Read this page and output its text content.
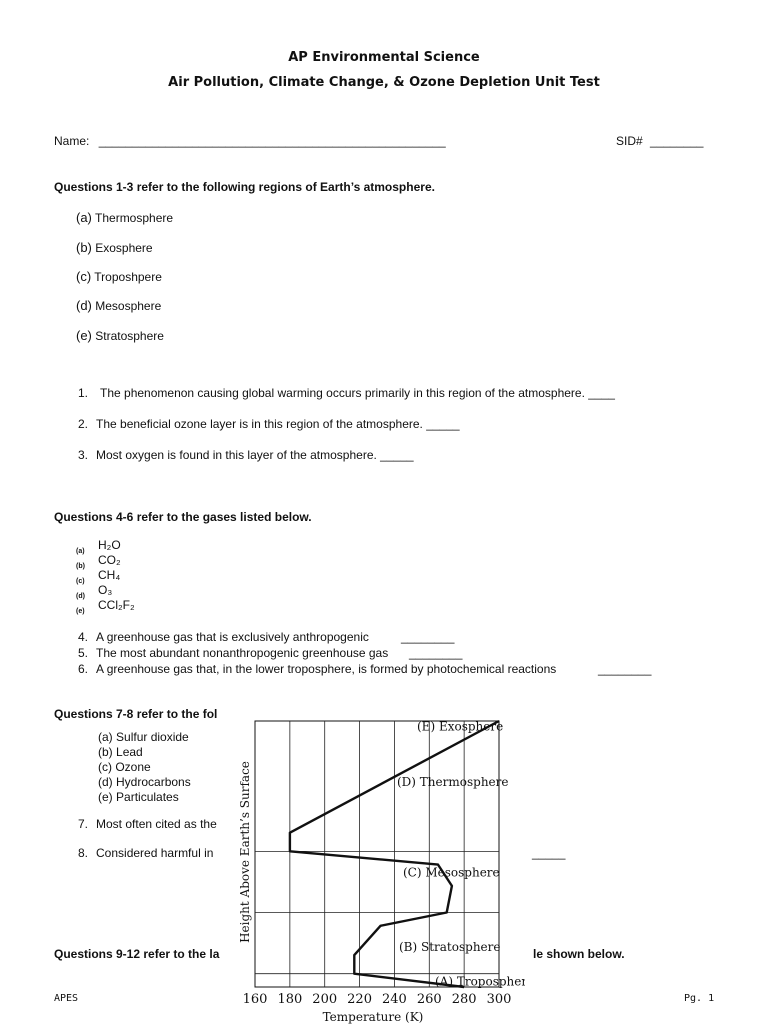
AP Environmental Science
Air Pollution, Climate Change, & Ozone Depletion Unit Test
Name: ____________________________________________________	SID# ________
Questions 1-3 refer to the following regions of Earth’s atmosphere.
(a) Thermosphere
(b) Exosphere
(c) Troposhpere
(d) Mesosphere
(e) Stratosphere
1. The phenomenon causing global warming occurs primarily in this region of the atmosphere. ____
2. The beneficial ozone layer is in this region of the atmosphere. _____
3. Most oxygen is found in this layer of the atmosphere. _____
Questions 4-6 refer to the gases listed below.
(a) H₂O
(b) CO₂
(c) CH₄
(d) O₃
(e) CCl₂F₂
4. A greenhouse gas that is exclusively anthropogenic	________
5. The most abundant nonanthropogenic greenhouse gas ________
6. A greenhouse gas that, in the lower troposphere, is formed by photochemical reactions	________
Questions 7-8 refer to the fol
(a) Sulfur dioxide
(b) Lead
(c) Ozone
(d) Hydrocarbons
(e) Particulates
7. Most often cited as the
8. Considered harmful in	_____
Questions 9-12 refer to the la	le shown below.
APES	Pg. 1
(E) Exosphere
(D) Thermosphere
(C) Mesosphere
(B) Stratosphere
(A) Troposphere
160 180 200 220 240 260 280 300
Temperature (K)
Height Above Earth’s Surface
